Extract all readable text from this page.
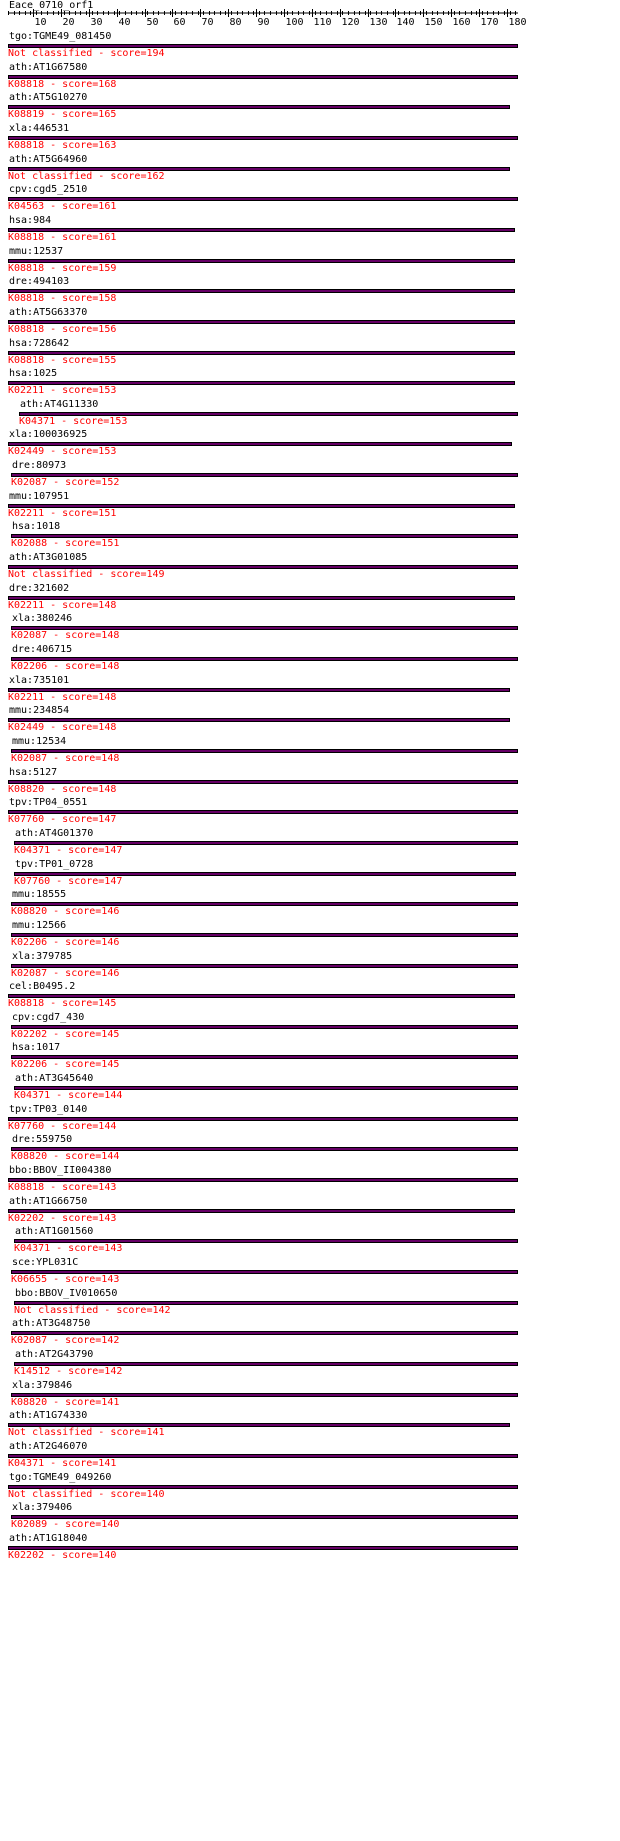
Eace_0710_orf1
10 20 30 40 50 60 70 80 90 100 110 120 130 140 150 160 170 180
tgo:TGME49_081450
Not classified - score=194
ath:AT1G67580
K08818 - score=168
ath:AT5G10270
K08819 - score=165
xla:446531
K08818 - score=163
ath:AT5G64960
Not classified - score=162
cpv:cgd5_2510
K04563 - score=161
hsa:984
K08818 - score=161
mmu:12537
K08818 - score=159
dre:494103
K08818 - score=158
ath:AT5G63370
K08818 - score=156
hsa:728642
K08818 - score=155
hsa:1025
K02211 - score=153
ath:AT4G11330
K04371 - score=153
xla:100036925
K02449 - score=153
dre:80973
K02087 - score=152
mmu:107951
K02211 - score=151
hsa:1018
K02088 - score=151
ath:AT3G01085
Not classified - score=149
dre:321602
K02211 - score=148
xla:380246
K02087 - score=148
dre:406715
K02206 - score=148
xla:735101
K02211 - score=148
mmu:234854
K02449 - score=148
mmu:12534
K02087 - score=148
hsa:5127
K08820 - score=148
tpv:TP04_0551
K07760 - score=147
ath:AT4G01370
K04371 - score=147
tpv:TP01_0728
K07760 - score=147
mmu:18555
K08820 - score=146
mmu:12566
K02206 - score=146
xla:379785
K02087 - score=146
cel:B0495.2
K08818 - score=145
cpv:cgd7_430
K02202 - score=145
hsa:1017
K02206 - score=145
ath:AT3G45640
K04371 - score=144
tpv:TP03_0140
K07760 - score=144
dre:559750
K08820 - score=144
bbo:BBOV_II004380
K08818 - score=143
ath:AT1G66750
K02202 - score=143
ath:AT1G01560
K04371 - score=143
sce:YPL031C
K06655 - score=143
bbo:BBOV_IV010650
Not classified - score=142
ath:AT3G48750
K02087 - score=142
ath:AT2G43790
K14512 - score=142
xla:379846
K08820 - score=141
ath:AT1G74330
Not classified - score=141
ath:AT2G46070
K04371 - score=141
tgo:TGME49_049260
Not classified - score=140
xla:379406
K02089 - score=140
ath:AT1G18040
K02202 - score=140
